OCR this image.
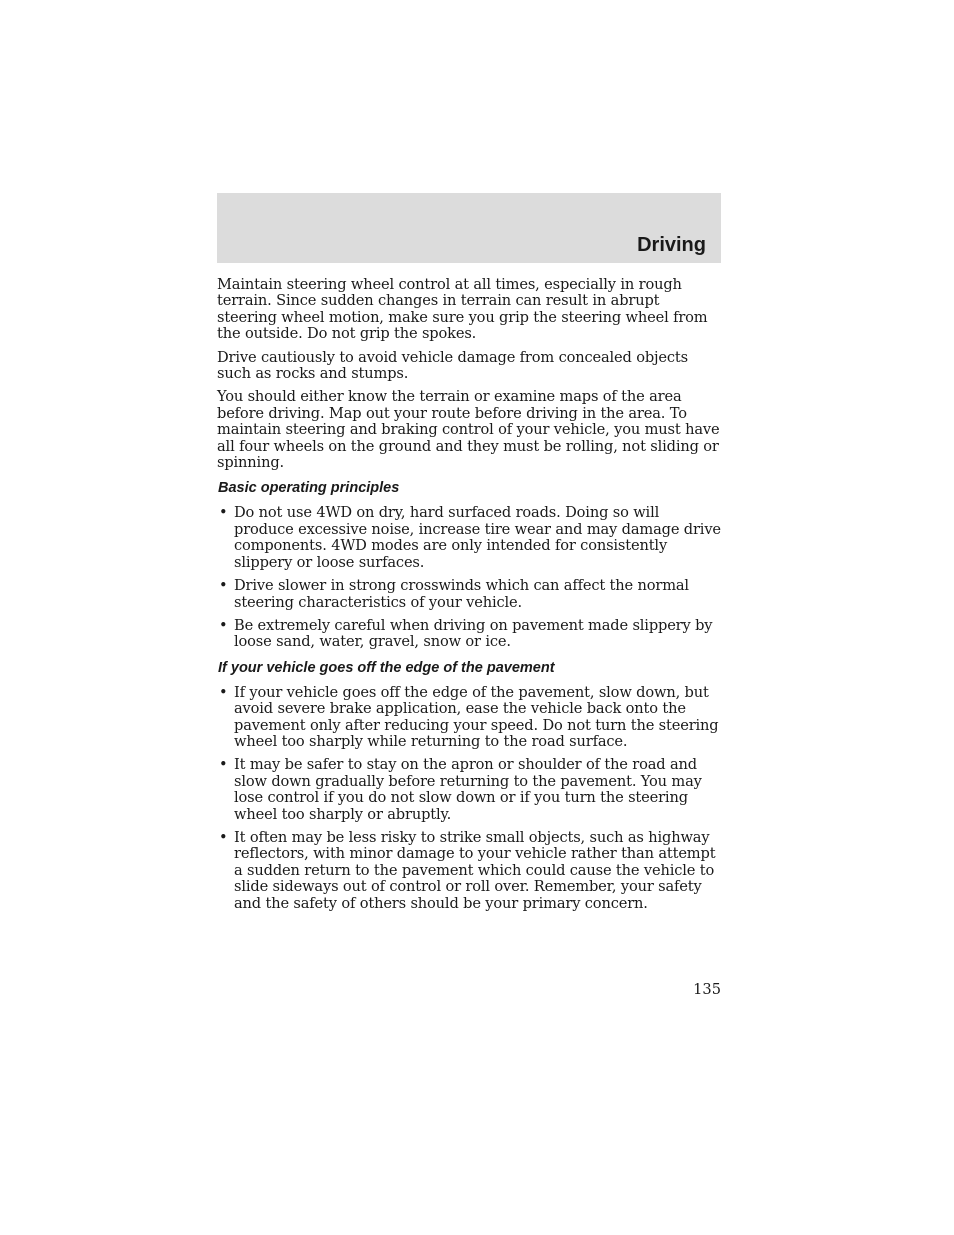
Driving

Maintain steering wheel control at all times, especially in rough terrain. Since sudden changes in terrain can result in abrupt steering wheel motion, make sure you grip the steering wheel from the outside. Do not grip the spokes.

Drive cautiously to avoid vehicle damage from concealed objects such as rocks and stumps.

You should either know the terrain or examine maps of the area before driving. Map out your route before driving in the area. To maintain steering and braking control of your vehicle, you must have all four wheels on the ground and they must be rolling, not sliding or spinning.

Basic operating principles
• Do not use 4WD on dry, hard surfaced roads. Doing so will produce excessive noise, increase tire wear and may damage drive components. 4WD modes are only intended for consistently slippery or loose surfaces.
• Drive slower in strong crosswinds which can affect the normal steering characteristics of your vehicle.
• Be extremely careful when driving on pavement made slippery by loose sand, water, gravel, snow or ice.
If your vehicle goes off the edge of the pavement
• If your vehicle goes off the edge of the pavement, slow down, but avoid severe brake application, ease the vehicle back onto the pavement only after reducing your speed. Do not turn the steering wheel too sharply while returning to the road surface.
• It may be safer to stay on the apron or shoulder of the road and slow down gradually before returning to the pavement. You may lose control if you do not slow down or if you turn the steering wheel too sharply or abruptly.
• It often may be less risky to strike small objects, such as highway reflectors, with minor damage to your vehicle rather than attempt a sudden return to the pavement which could cause the vehicle to slide sideways out of control or roll over. Remember, your safety and the safety of others should be your primary concern.
135
